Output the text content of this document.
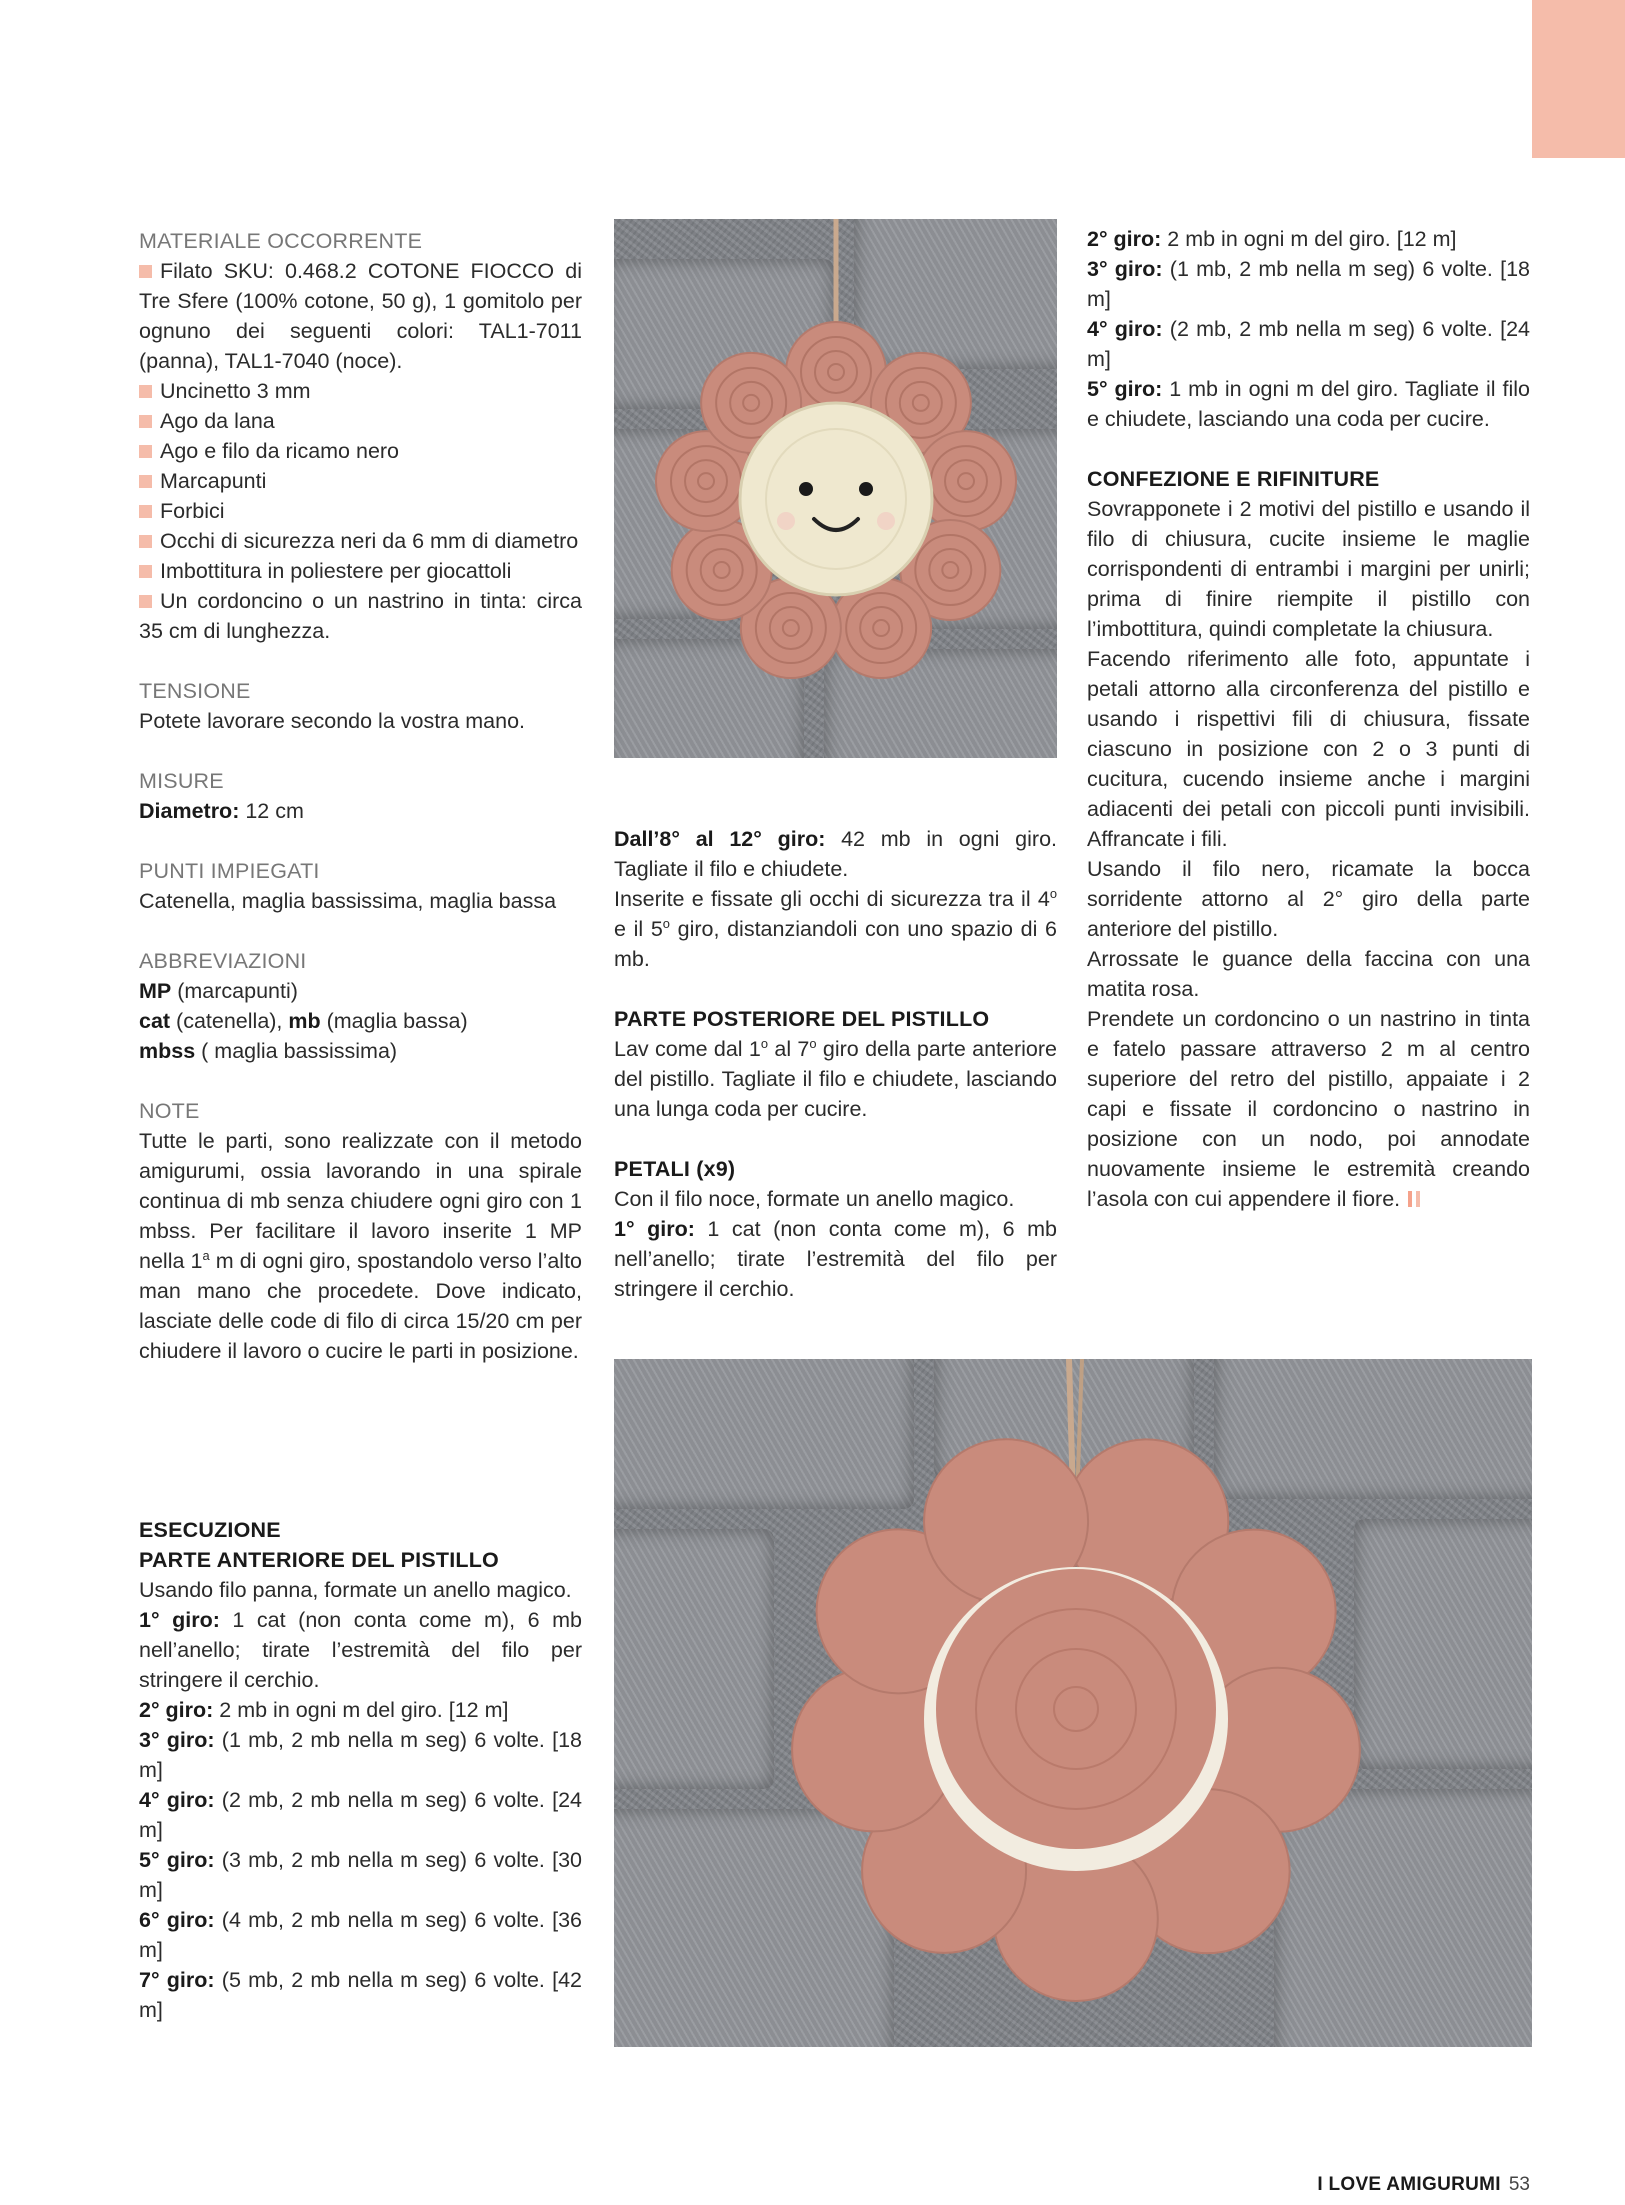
MATERIALE OCCORRENTE

Filato SKU: 0.468.2 COTONE FIOCCO di Tre Sfere (100% cotone, 50 g), 1 gomitolo per ognuno dei seguenti colori: TAL1-7011 (panna), TAL1-7040 (noce).

Uncinetto 3 mm

Ago da lana

Ago e filo da ricamo nero

Marcapunti

Forbici

Occhi di sicurezza neri da 6 mm di diametro

Imbottitura in poliestere per giocattoli

Un cordoncino o un nastrino in tinta: circa 35 cm di lunghezza.

TENSIONE

Potete lavorare secondo la vostra mano.

MISURE

Diametro: 12 cm

PUNTI IMPIEGATI

Catenella, maglia bassissima, maglia bassa

ABBREVIAZIONI

MP (marcapunti)

cat (catenella), mb (maglia bassa)

mbss ( maglia bassissima)

NOTE

Tutte le parti, sono realizzate con il metodo amigurumi, ossia lavorando in una spirale continua di mb senza chiudere ogni giro con 1 mbss. Per facilitare il lavoro inserite 1 MP nella 1$^a$ m di ogni giro, spostandolo verso l’alto man mano che procedete. Dove indicato, lasciate delle code di filo di circa 15/20 cm per chiudere il lavoro o cucire le parti in posizione.

ESECUZIONE

PARTE ANTERIORE DEL PISTILLO

Usando filo panna, formate un anello magico.

1° giro: 1 cat (non conta come m), 6 mb nell’anello; tirate l’estremità del filo per stringere il cerchio.

2° giro: 2 mb in ogni m del giro. [12 m]

3° giro: (1 mb, 2 mb nella m seg) 6 volte. [18 m]

4° giro: (2 mb, 2 mb nella m seg) 6 volte. [24 m]

5° giro: (3 mb, 2 mb nella m seg) 6 volte. [30 m]

6° giro: (4 mb, 2 mb nella m seg) 6 volte. [36 m]

7° giro: (5 mb, 2 mb nella m seg) 6 volte. [42 m]

Dall’8° al 12° giro: 42 mb in ogni giro. Tagliate il filo e chiudete.

Inserite e fissate gli occhi di sicurezza tra il 4$^o$ e il 5$^o$ giro, distanziandoli con uno spazio di 6 mb.

PARTE POSTERIORE DEL PISTILLO

Lav come dal 1$^o$ al 7$^o$ giro della parte anteriore del pistillo. Tagliate il filo e chiudete, lasciando una lunga coda per cucire.

PETALI (x9)

Con il filo noce, formate un anello magico.

1° giro: 1 cat (non conta come m), 6 mb nell’anello; tirate l’estremità del filo per stringere il cerchio.

2° giro: 2 mb in ogni m del giro. [12 m]

3° giro: (1 mb, 2 mb nella m seg) 6 volte. [18 m]

4° giro: (2 mb, 2 mb nella m seg) 6 volte. [24 m]

5° giro: 1 mb in ogni m del giro. Tagliate il filo e chiudete, lasciando una coda per cucire.

CONFEZIONE E RIFINITURE

Sovrapponete i 2 motivi del pistillo e usando il filo di chiusura, cucite insieme le maglie corrispondenti di entrambi i margini per unirli; prima di finire riempite il pistillo con l’imbottitura, quindi completate la chiusura.

Facendo riferimento alle foto, appuntate i petali attorno alla circonferenza del pistillo e usando i rispettivi fili di chiusura, fissate ciascuno in posizione con 2 o 3 punti di cucitura, cucendo insieme anche i margini adiacenti dei petali con piccoli punti invisibili. Affrancate i fili.

Usando il filo nero, ricamate la bocca sorridente attorno al 2° giro della parte anteriore del pistillo.

Arrossate le guance della faccina con una matita rosa.

Prendete un cordoncino o un nastrino in tinta e fatelo passare attraverso 2 m al centro superiore del retro del pistillo, appaiate i 2 capi e fissate il cordoncino o nastrino in posizione con un nodo, poi annodate nuovamente insieme le estremità creando l’asola con cui appendere il fiore.

I LOVE AMIGURUMI 53
